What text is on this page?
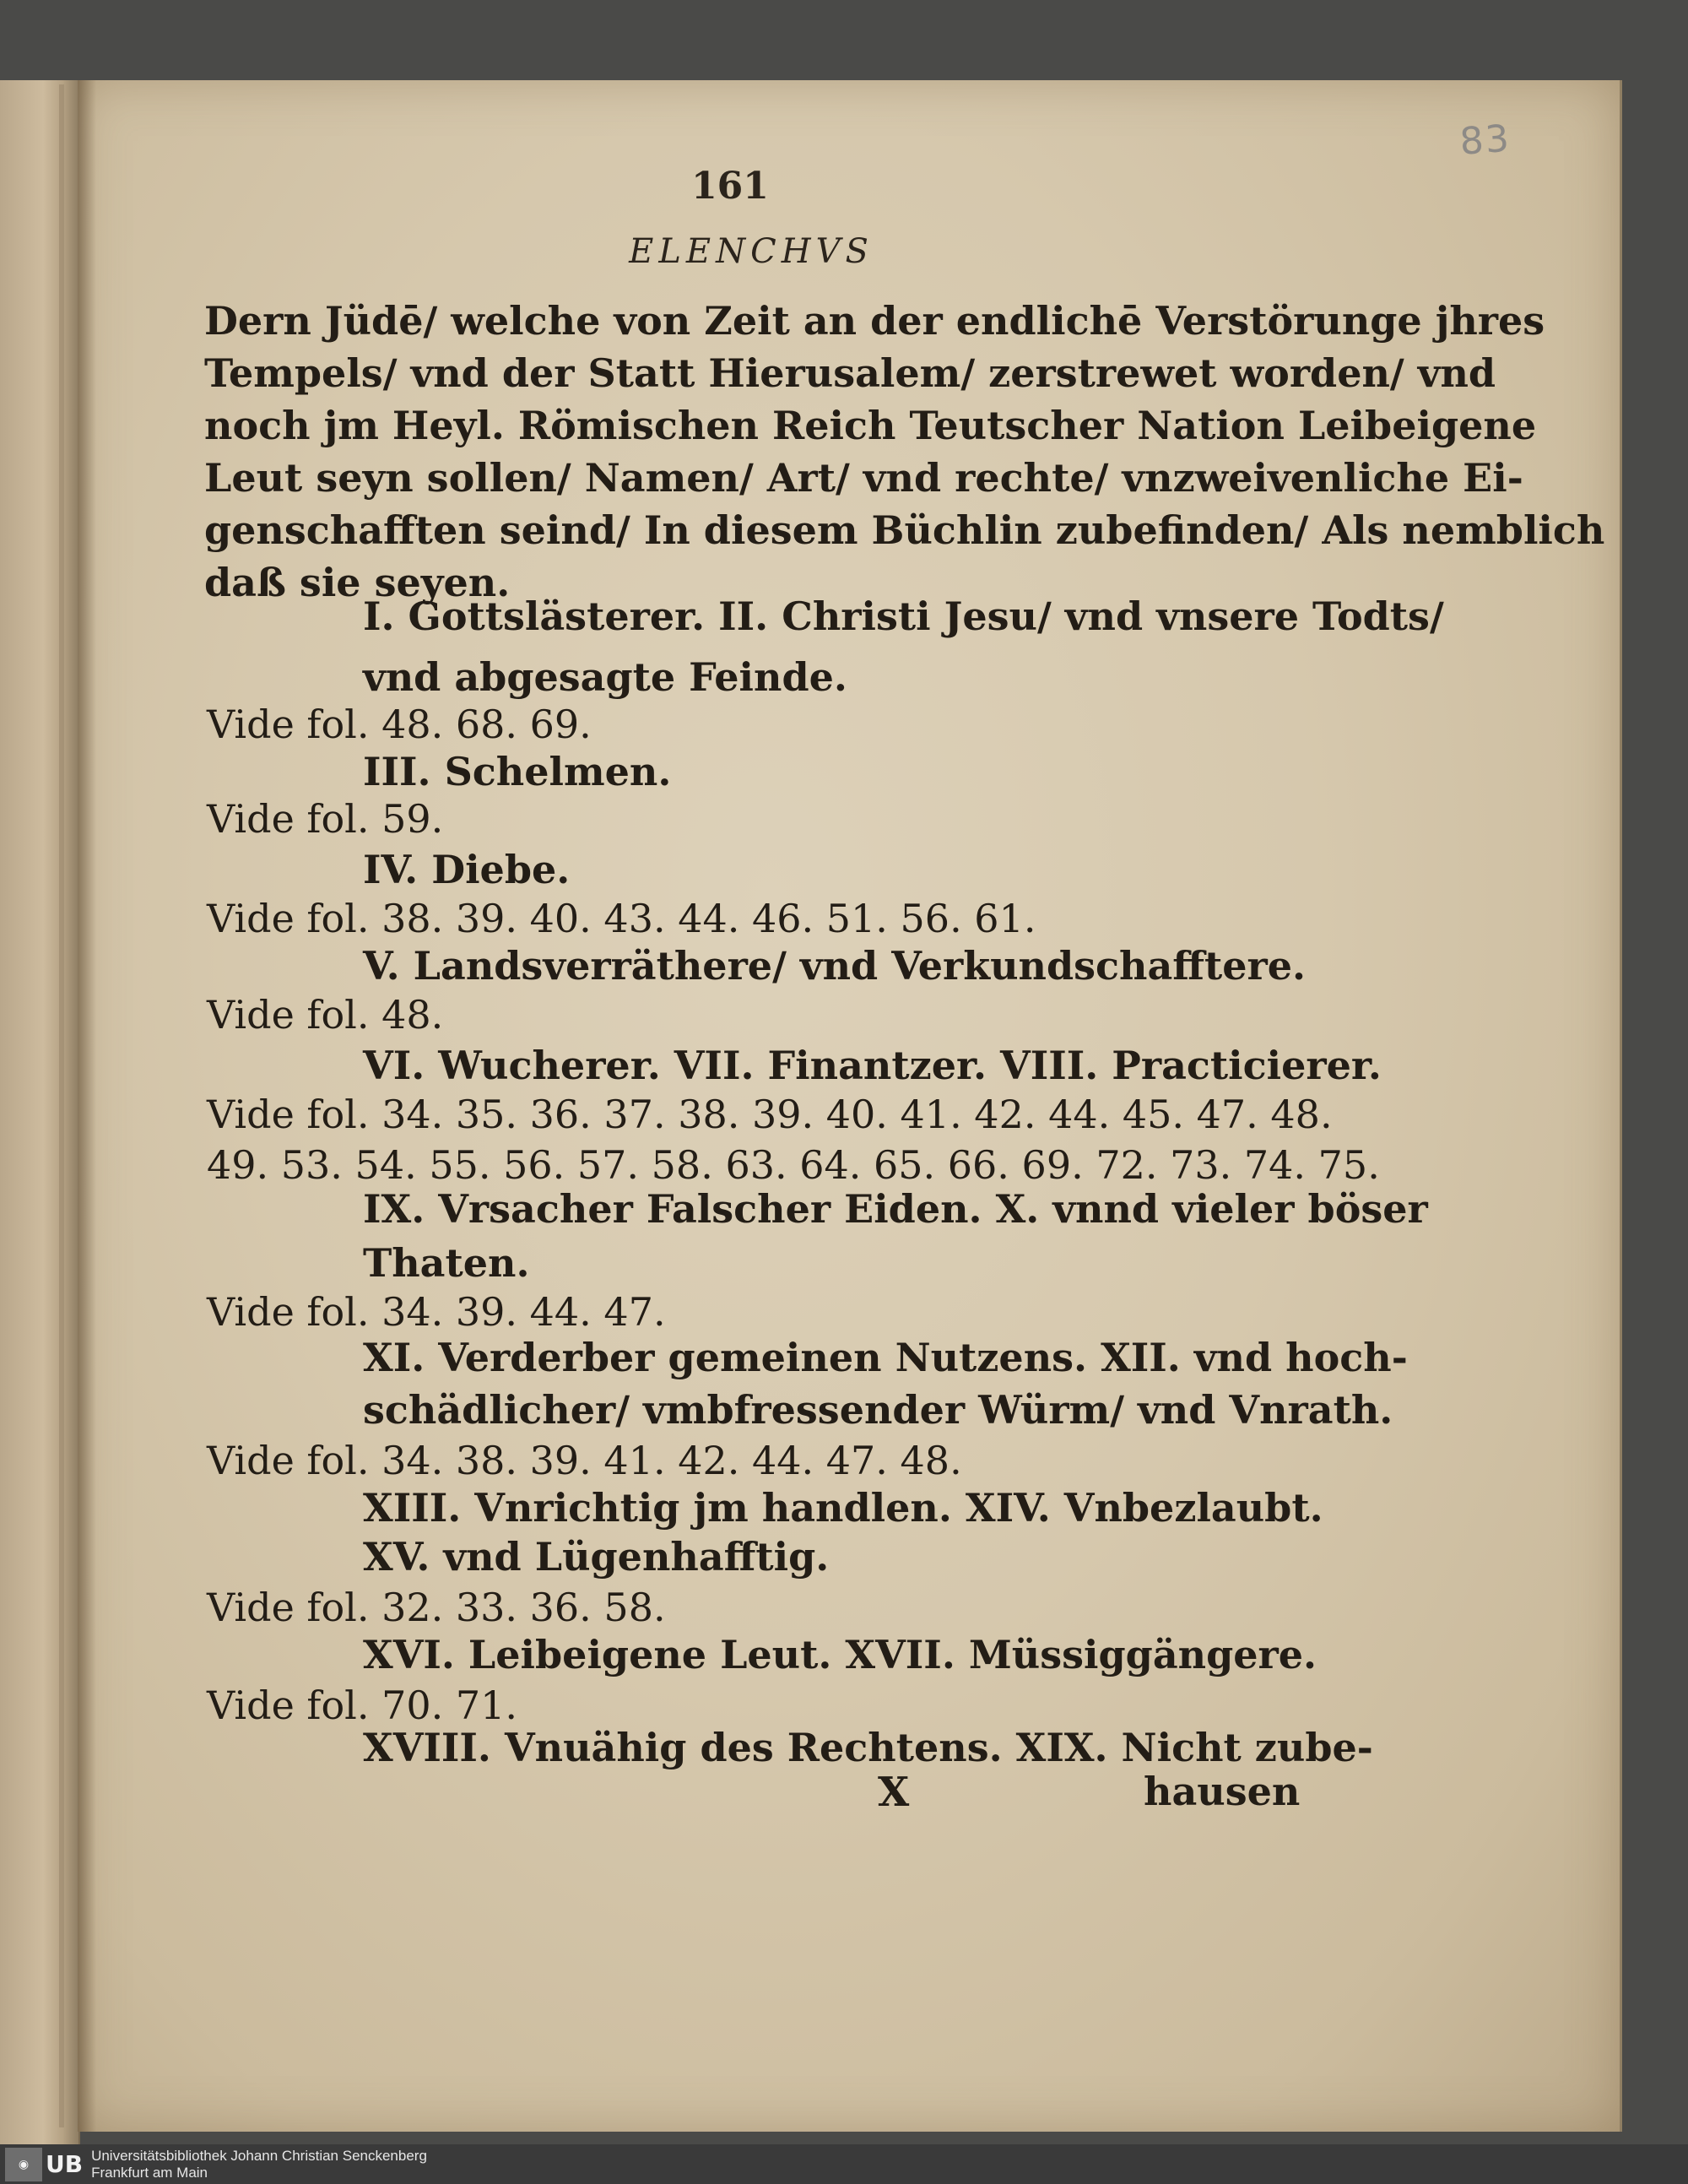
83
161
ELENCHVS
Dern Jüdē/ welche von Zeit an der endlichē Verstörunge jhres
Tempels/ vnd der Statt Hierusalem/ zerstrewet worden/ vnd
noch jm Heyl. Römischen Reich Teutscher Nation Leibeigene
Leut seyn sollen/ Namen/ Art/ vnd rechte/ vnzweivenliche Ei-
genschafften seind/ In diesem Büchlin zubefinden/ Als nemblich
daß sie seyen.
I. Gottslästerer. II. Christi Jesu/ vnd vnsere Todts/
vnd abgesagte Feinde.
Vide fol. 48. 68. 69.
III. Schelmen.
Vide fol. 59.
IV. Diebe.
Vide fol. 38. 39. 40. 43. 44. 46. 51. 56. 61.
V. Landsverräthere/ vnd Verkundschafftere.
Vide fol. 48.
VI. Wucherer. VII. Finantzer. VIII. Practicierer.
Vide fol. 34. 35. 36. 37. 38. 39. 40. 41. 42. 44. 45. 47. 48.
49. 53. 54. 55. 56. 57. 58. 63. 64. 65. 66. 69. 72. 73. 74. 75.
IX. Vrsacher Falscher Eiden. X. vnnd vieler böser
Thaten.
Vide fol. 34. 39. 44. 47.
XI. Verderber gemeinen Nutzens. XII. vnd hoch-
schädlicher/ vmbfressender Würm/ vnd Vnrath.
Vide fol. 34. 38. 39. 41. 42. 44. 47. 48.
XIII. Vnrichtig jm handlen. XIV. Vnbezlaubt.
XV. vnd Lügenhafftig.
Vide fol. 32. 33. 36. 58.
XVI. Leibeigene Leut. XVII. Müssiggängere.
Vide fol. 70. 71.
XVIII. Vnuähig des Rechtens. XIX. Nicht zube-
X	hausen
◉ UB Universitätsbibliothek Johann Christian Senckenberg
Frankfurt am Main
